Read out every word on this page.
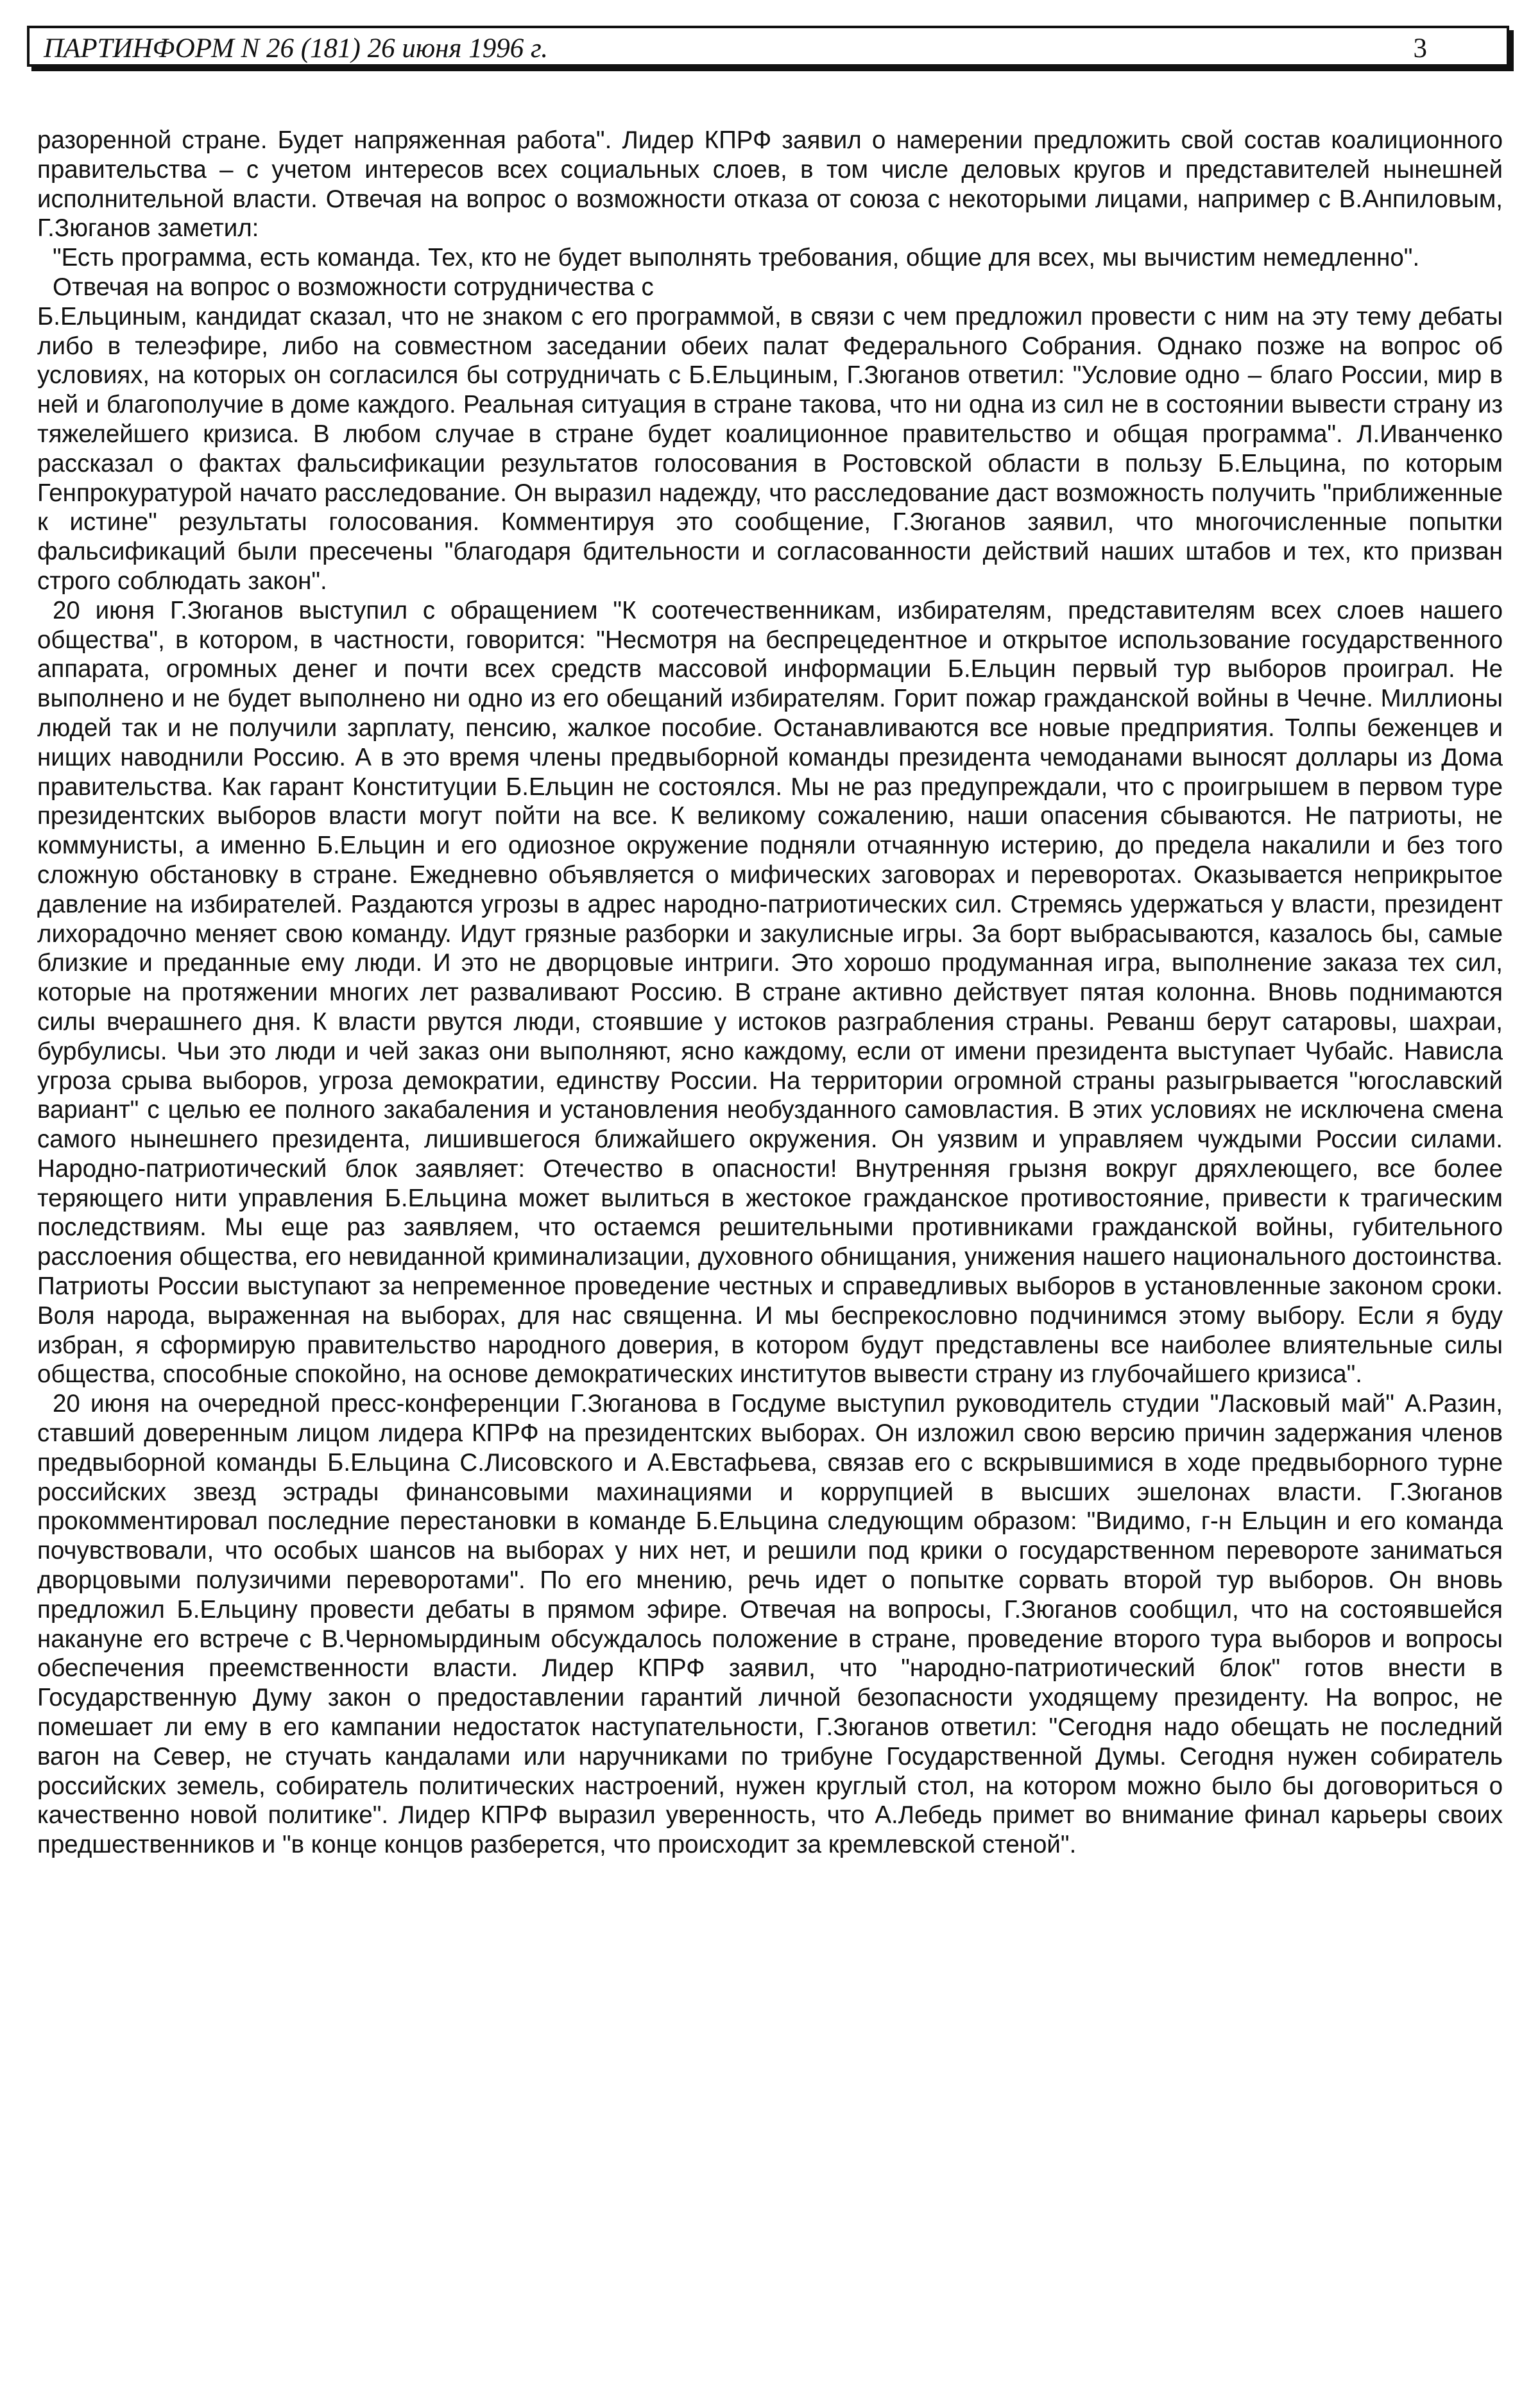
ПАРТИНФОРМ N 26 (181) 26 июня 1996 г.	3

разоренной стране. Будет напряженная работа". Лидер КПРФ заявил о намерении предложить свой состав коалиционного правительства – с учетом интересов всех социальных слоев, в том числе деловых кругов и представителей нынешней исполнительной власти. Отвечая на вопрос о возможности отказа от союза с некоторыми лицами, например с В.Анпиловым, Г.Зюганов заметил:

"Есть программа, есть команда. Тех, кто не будет выполнять требования, общие для всех, мы вычистим немедленно".

Отвечая на вопрос о возможности сотрудничества с

Б.Ельциным, кандидат сказал, что не знаком с его программой, в связи с чем предложил провести с ним на эту тему дебаты либо в телеэфире, либо на совместном заседании обеих палат Федерального Собрания. Однако позже на вопрос об условиях, на которых он согласился бы сотрудничать с Б.Ельциным, Г.Зюганов ответил: "Условие одно – благо России, мир в ней и благополучие в доме каждого. Реальная ситуация в стране такова, что ни одна из сил не в состоянии вывести страну из тяжелейшего кризиса. В любом случае в стране будет коалиционное правительство и общая программа". Л.Иванченко рассказал о фактах фальсификации результатов голосования в Ростовской области в пользу Б.Ельцина, по которым Генпрокуратурой начато расследование. Он выразил надежду, что расследование даст возможность получить "приближенные к истине" результаты голосования. Комментируя это сообщение, Г.Зюганов заявил, что многочисленные попытки фальсификаций были пресечены "благодаря бдительности и согласованности действий наших штабов и тех, кто призван строго соблюдать закон".

20 июня Г.Зюганов выступил с обращением "К соотечественникам, избирателям, представителям всех слоев нашего общества", в котором, в частности, говорится: "Несмотря на беспрецедентное и открытое использование государственного аппарата, огромных денег и почти всех средств массовой информации Б.Ельцин первый тур выборов проиграл. Не выполнено и не будет выполнено ни одно из его обещаний избирателям. Горит пожар гражданской войны в Чечне. Миллионы людей так и не получили зарплату, пенсию, жалкое пособие. Останавливаются все новые предприятия. Толпы беженцев и нищих наводнили Россию. А в это время члены предвыборной команды президента чемоданами выносят доллары из Дома правительства. Как гарант Конституции Б.Ельцин не состоялся. Мы не раз предупреждали, что с проигрышем в первом туре президентских выборов власти могут пойти на все. К великому сожалению, наши опасения сбываются. Не патриоты, не коммунисты, а именно Б.Ельцин и его одиозное окружение подняли отчаянную истерию, до предела накалили и без того сложную обстановку в стране. Ежедневно объявляется о мифических заговорах и переворотах. Оказывается неприкрытое давление на избирателей. Раздаются угрозы в адрес народно-патриотических сил. Стремясь удержаться у власти, президент лихорадочно меняет свою команду. Идут грязные разборки и закулисные игры. За борт выбрасываются, казалось бы, самые близкие и преданные ему люди. И это не дворцовые интриги. Это хорошо продуманная игра, выполнение заказа тех сил, которые на протяжении многих лет разваливают Россию. В стране активно действует пятая колонна. Вновь поднимаются силы вчерашнего дня. К власти рвутся люди, стоявшие у истоков разграбления страны. Реванш берут сатаровы, шахраи, бурбулисы. Чьи это люди и чей заказ они выполняют, ясно каждому, если от имени президента выступает Чубайс. Нависла угроза срыва выборов, угроза демократии, единству России. На территории огромной страны разыгрывается "югославский вариант" с целью ее полного закабаления и установления необузданного самовластия. В этих условиях не исключена смена самого нынешнего президента, лишившегося ближайшего окружения. Он уязвим и управляем чуждыми России силами. Народно-патриотический блок заявляет: Отечество в опасности! Внутренняя грызня вокруг дряхлеющего, все более теряющего нити управления Б.Ельцина может вылиться в жестокое гражданское противостояние, привести к трагическим последствиям. Мы еще раз заявляем, что остаемся решительными противниками гражданской войны, губительного расслоения общества, его невиданной криминализации, духовного обнищания, унижения нашего национального достоинства. Патриоты России выступают за непременное проведение честных и справедливых выборов в установленные законом сроки. Воля народа, выраженная на выборах, для нас священна. И мы беспрекословно подчинимся этому выбору. Если я буду избран, я сформирую правительство народного доверия, в котором будут представлены все наиболее влиятельные силы общества, способные спокойно, на основе демократических институтов вывести страну из глубочайшего кризиса".

20 июня на очередной пресс-конференции Г.Зюганова в Госдуме выступил руководитель студии "Ласковый май" А.Разин, ставший доверенным лицом лидера КПРФ на президентских выборах. Он изложил свою версию причин задержания членов предвыборной команды Б.Ельцина С.Лисовского и А.Евстафьева, связав его с вскрывшимися в ходе предвыборного турне российских звезд эстрады финансовыми махинациями и коррупцией в высших эшелонах власти. Г.Зюганов прокомментировал последние перестановки в команде Б.Ельцина следующим образом: "Видимо, г-н Ельцин и его команда почувствовали, что особых шансов на выборах у них нет, и решили под крики о государственном перевороте заниматься дворцовыми полузичими переворотами". По его мнению, речь идет о попытке сорвать второй тур выборов. Он вновь предложил Б.Ельцину провести дебаты в прямом эфире. Отвечая на вопросы, Г.Зюганов сообщил, что на состоявшейся накануне его встрече с В.Черномырдиным обсуждалось положение в стране, проведение второго тура выборов и вопросы обеспечения преемственности власти. Лидер КПРФ заявил, что "народно-патриотический блок" готов внести в Государственную Думу закон о предоставлении гарантий личной безопасности уходящему президенту. На вопрос, не помешает ли ему в его кампании недостаток наступательности, Г.Зюганов ответил: "Сегодня надо обещать не последний вагон на Север, не стучать кандалами или наручниками по трибуне Государственной Думы. Сегодня нужен собиратель российских земель, собиратель политических настроений, нужен круглый стол, на котором можно было бы договориться о качественно новой политике". Лидер КПРФ выразил уверенность, что А.Лебедь примет во внимание финал карьеры своих предшественников и "в конце концов разберется, что происходит за кремлевской стеной".
